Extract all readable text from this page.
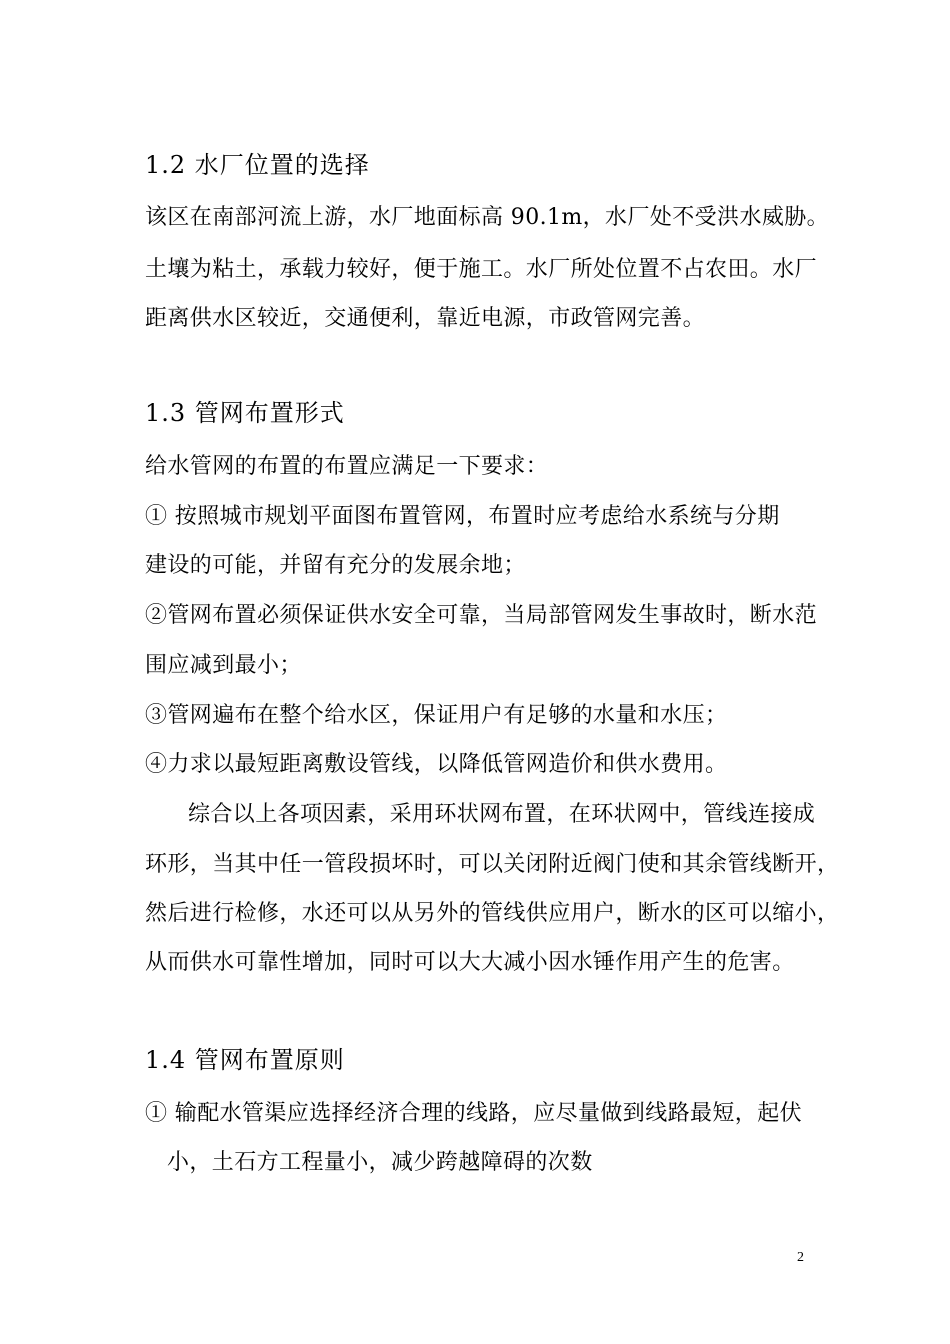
1.2 水厂位置的选择
该区在南部河流上游，水厂地面标高 90.1m，水厂处不受洪水威胁。
土壤为粘土，承载力较好，便于施工。水厂所处位置不占农田。水厂
距离供水区较近，交通便利，靠近电源，市政管网完善。
1.3 管网布置形式
给水管网的布置的布置应满足一下要求：
① 按照城市规划平面图布置管网，布置时应考虑给水系统与分期
建设的可能，并留有充分的发展余地；
②管网布置必须保证供水安全可靠，当局部管网发生事故时，断水范
围应减到最小；
③管网遍布在整个给水区，保证用户有足够的水量和水压；
④力求以最短距离敷设管线，以降低管网造价和供水费用。
综合以上各项因素，采用环状网布置，在环状网中，管线连接成
环形，当其中任一管段损坏时，可以关闭附近阀门使和其余管线断开，
然后进行检修，水还可以从另外的管线供应用户，断水的区可以缩小，
从而供水可靠性增加，同时可以大大减小因水锤作用产生的危害。
1.4 管网布置原则
① 输配水管渠应选择经济合理的线路，应尽量做到线路最短，起伏
小，土石方工程量小，减少跨越障碍的次数
2
